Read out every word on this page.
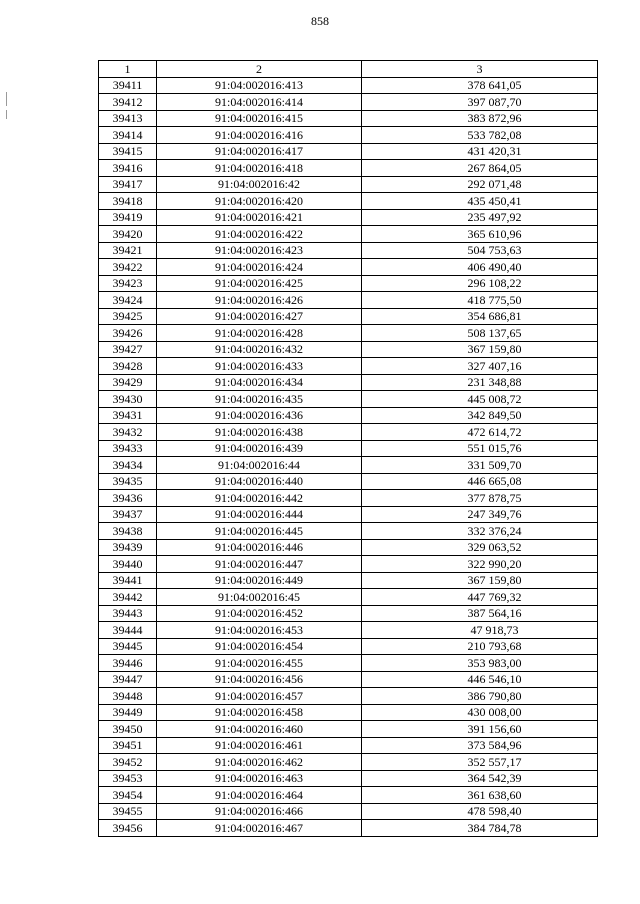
858
1	2	3
39411	91:04:002016:413	378 641,05
39412	91:04:002016:414	397 087,70
39413	91:04:002016:415	383 872,96
39414	91:04:002016:416	533 782,08
39415	91:04:002016:417	431 420,31
39416	91:04:002016:418	267 864,05
39417	91:04:002016:42	292 071,48
39418	91:04:002016:420	435 450,41
39419	91:04:002016:421	235 497,92
39420	91:04:002016:422	365 610,96
39421	91:04:002016:423	504 753,63
39422	91:04:002016:424	406 490,40
39423	91:04:002016:425	296 108,22
39424	91:04:002016:426	418 775,50
39425	91:04:002016:427	354 686,81
39426	91:04:002016:428	508 137,65
39427	91:04:002016:432	367 159,80
39428	91:04:002016:433	327 407,16
39429	91:04:002016:434	231 348,88
39430	91:04:002016:435	445 008,72
39431	91:04:002016:436	342 849,50
39432	91:04:002016:438	472 614,72
39433	91:04:002016:439	551 015,76
39434	91:04:002016:44	331 509,70
39435	91:04:002016:440	446 665,08
39436	91:04:002016:442	377 878,75
39437	91:04:002016:444	247 349,76
39438	91:04:002016:445	332 376,24
39439	91:04:002016:446	329 063,52
39440	91:04:002016:447	322 990,20
39441	91:04:002016:449	367 159,80
39442	91:04:002016:45	447 769,32
39443	91:04:002016:452	387 564,16
39444	91:04:002016:453	47 918,73
39445	91:04:002016:454	210 793,68
39446	91:04:002016:455	353 983,00
39447	91:04:002016:456	446 546,10
39448	91:04:002016:457	386 790,80
39449	91:04:002016:458	430 008,00
39450	91:04:002016:460	391 156,60
39451	91:04:002016:461	373 584,96
39452	91:04:002016:462	352 557,17
39453	91:04:002016:463	364 542,39
39454	91:04:002016:464	361 638,60
39455	91:04:002016:466	478 598,40
39456	91:04:002016:467	384 784,78
